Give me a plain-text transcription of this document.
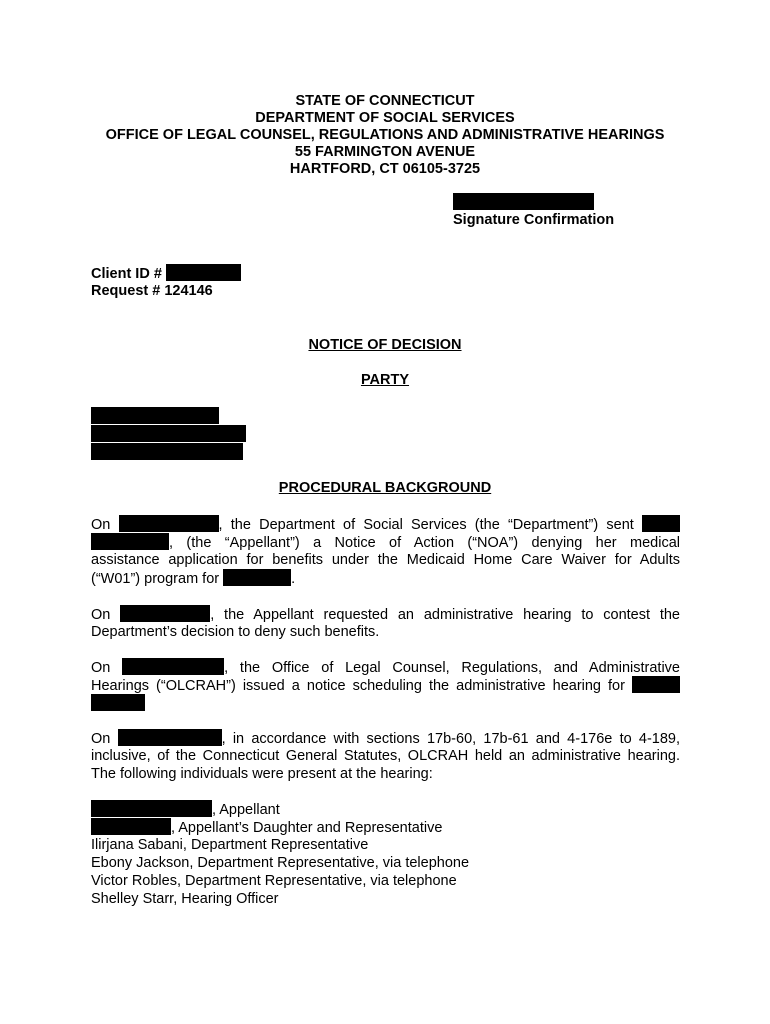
STATE OF CONNECTICUT
DEPARTMENT OF SOCIAL SERVICES
OFFICE OF LEGAL COUNSEL, REGULATIONS AND ADMINISTRATIVE HEARINGS
55 FARMINGTON AVENUE
HARTFORD, CT 06105-3725
Signature Confirmation
Client ID #
Request # 124146
NOTICE OF DECISION
PARTY
PROCEDURAL BACKGROUND
On	, the Department of Social Services (the “Department”) sent
, (the “Appellant”) a Notice of Action (“NOA”) denying her medical
assistance application for benefits under the Medicaid Home Care Waiver for Adults
(“W01”) program for	.
On	, the Appellant requested an administrative hearing to contest the
Department’s decision to deny such benefits.
On	, the Office of Legal Counsel, Regulations, and Administrative
Hearings (“OLCRAH”) issued a notice scheduling the administrative hearing for
On	, in accordance with sections 17b-60, 17b-61 and 4-176e to 4-189,
inclusive, of the Connecticut General Statutes, OLCRAH held an administrative hearing.
The following individuals were present at the hearing:
, Appellant
, Appellant’s Daughter and Representative
Ilirjana Sabani, Department Representative
Ebony Jackson, Department Representative, via telephone
Victor Robles, Department Representative, via telephone
Shelley Starr, Hearing Officer
